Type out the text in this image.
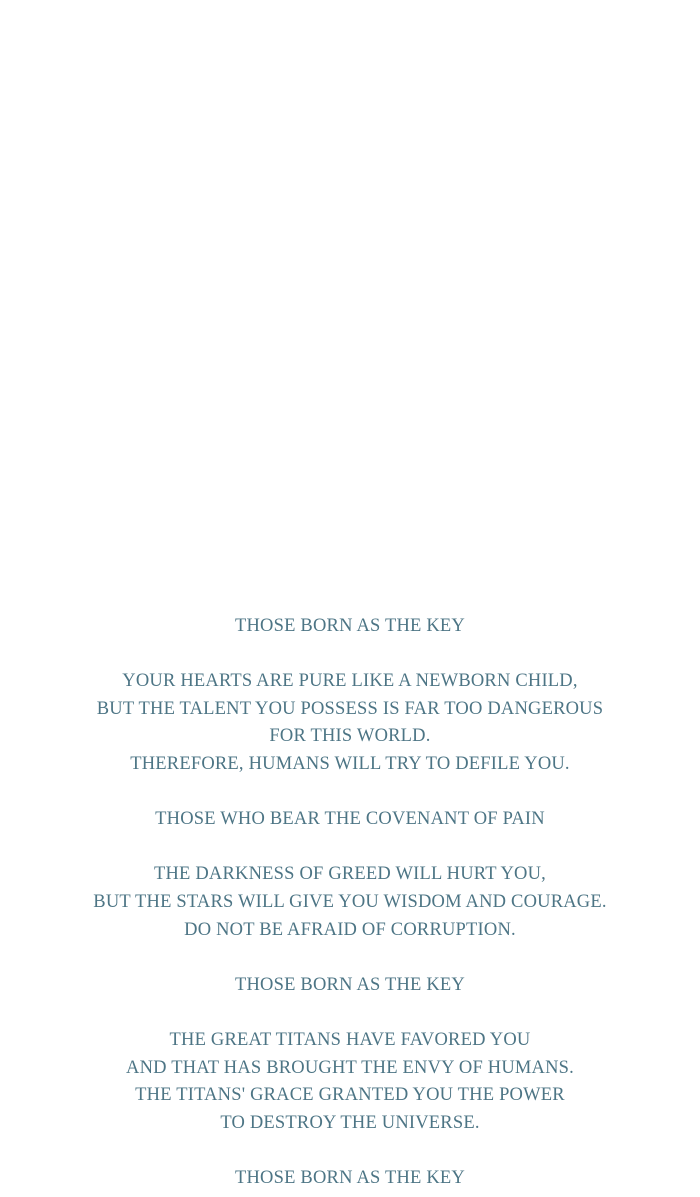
THOSE BORN AS THE KEY
YOUR HEARTS ARE PURE LIKE A NEWBORN CHILD,
BUT THE TALENT YOU POSSESS IS FAR TOO DANGEROUS
FOR THIS WORLD.
THEREFORE, HUMANS WILL TRY TO DEFILE YOU.
THOSE WHO BEAR THE COVENANT OF PAIN
THE DARKNESS OF GREED WILL HURT YOU,
BUT THE STARS WILL GIVE YOU WISDOM AND COURAGE.
DO NOT BE AFRAID OF CORRUPTION.
THOSE BORN AS THE KEY
THE GREAT TITANS HAVE FAVORED YOU
AND THAT HAS BROUGHT THE ENVY OF HUMANS.
THE TITANS' GRACE GRANTED YOU THE POWER
TO DESTROY THE UNIVERSE.
THOSE BORN AS THE KEY
